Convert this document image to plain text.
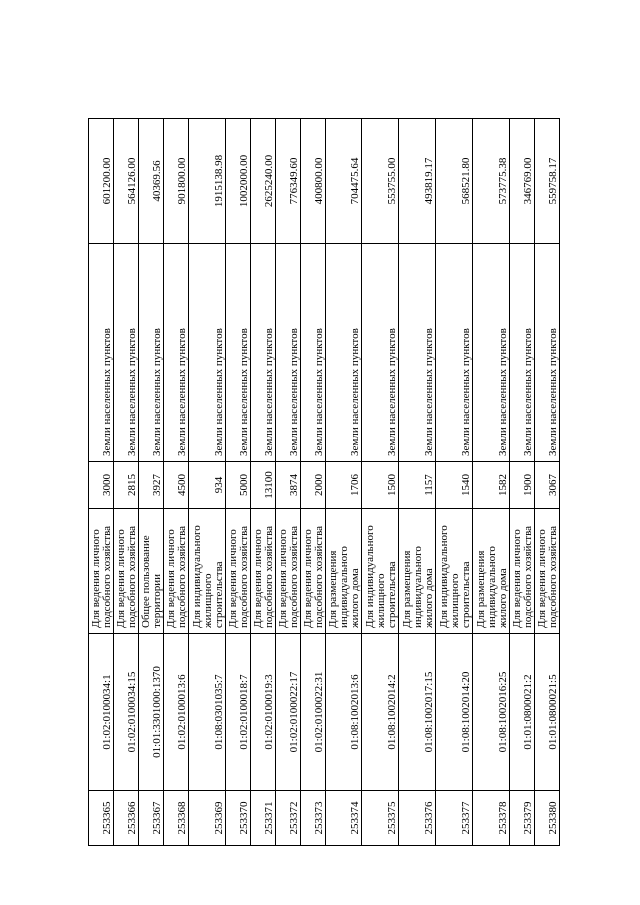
253365	01:02:0100034:1	Для ведения личного подсобного хозяйства	3000	Земли населенных пунктов	601200.00
253366	01:02:0100034:15	Для ведения личного подсобного хозяйства	2815	Земли населенных пунктов	564126.00
253367	01:01:3301000:1370	Общее пользование территории	3927	Земли населенных пунктов	40369.56
253368	01:02:0100013:6	Для ведения личного подсобного хозяйства	4500	Земли населенных пунктов	901800.00
253369	01:08:0301035:7	Для индивидуального жилищного строительства	934	Земли населенных пунктов	1915138.98
253370	01:02:0100018:7	Для ведения личного подсобного хозяйства	5000	Земли населенных пунктов	1002000.00
253371	01:02:0100019:3	Для ведения личного подсобного хозяйства	13100	Земли населенных пунктов	2625240.00
253372	01:02:0100022:17	Для ведения личного подсобного хозяйства	3874	Земли населенных пунктов	776349.60
253373	01:02:0100022:31	Для ведения личного подсобного хозяйства	2000	Земли населенных пунктов	400800.00
253374	01:08:1002013:6	Для размещения индивидуального жилого дома	1706	Земли населенных пунктов	704475.64
253375	01:08:1002014:2	Для индивидуального жилищного строительства	1500	Земли населенных пунктов	553755.00
253376	01:08:1002017:15	Для размещения индивидуального жилого дома	1157	Земли населенных пунктов	493819.17
253377	01:08:1002014:20	Для индивидуального жилищного строительства	1540	Земли населенных пунктов	568521.80
253378	01:08:1002016:25	Для размещения индивидуального жилого дома	1582	Земли населенных пунктов	573775.38
253379	01:01:0800021:2	Для ведения личного подсобного хозяйства	1900	Земли населенных пунктов	346769.00
253380	01:01:0800021:5	Для ведения личного подсобного хозяйства	3067	Земли населенных пунктов	559758.17
